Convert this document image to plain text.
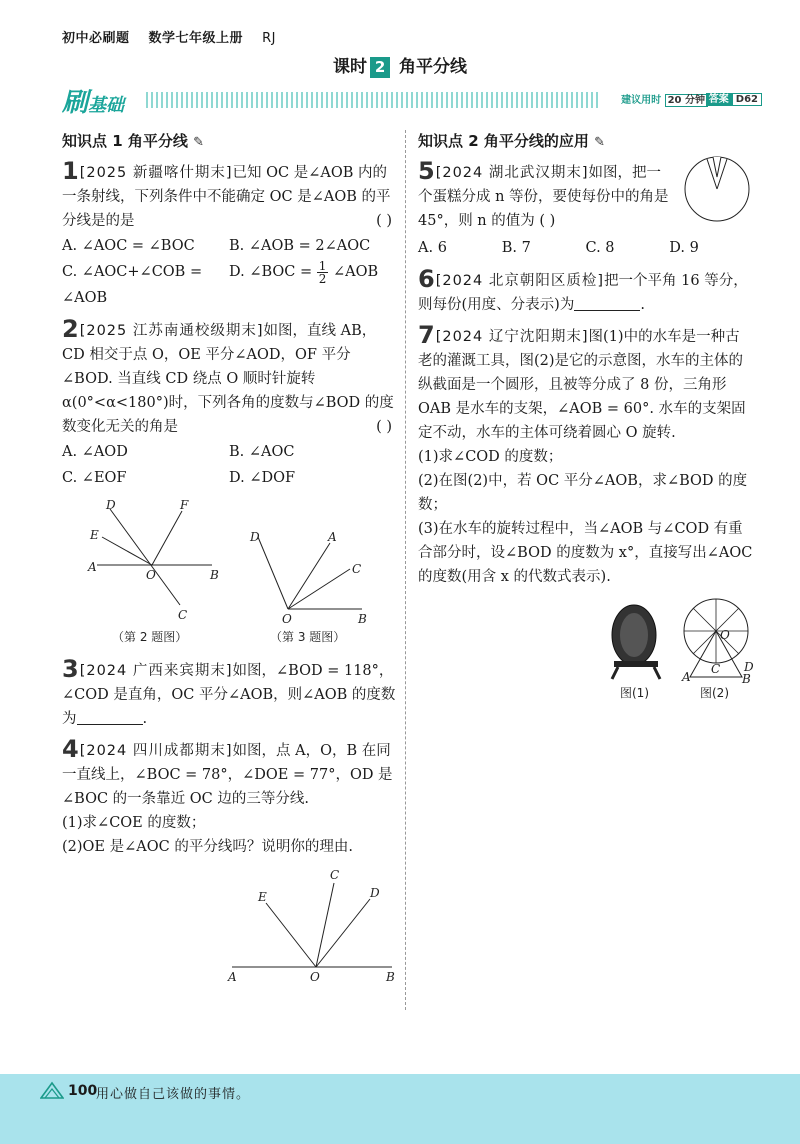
初中必刷题 数学七年级上册 RJ
课时 2 角平分线
刷基础	建议用时 20 分钟 答案 D62
知识点 1 角平分线 ✎
1[2025 新疆喀什期末]已知 OC 是∠AOB 内的一条射线，下列条件中不能确定 OC 是∠AOB 的平分线是的是	( )
A. ∠AOC = ∠BOC	B. ∠AOB = 2∠AOC
C. ∠AOC+∠COB = ∠AOB
D. ∠BOC = $\frac{1}{2}$ ∠AOB
2[2025 江苏南通校级期末]如图，直线 AB，CD 相交于点 O，OE 平分∠AOD，OF 平分∠BOD. 当直线 CD 绕点 O 顺时针旋转 α(0°<α<180°)时，下列各角的度数与∠BOD 的度数变化无关的角是	( )
A. ∠AOD	B. ∠AOC
C. ∠EOF	D. ∠DOF
D	F
E
A
O	B
C
（第 2 题图）
D	A
C
O	B
（第 3 题图）
3[2024 广西来宾期末]如图，∠BOD = 118°，∠COD 是直角，OC 平分∠AOB，则∠AOB 的度数为	.
4[2024 四川成都期末]如图，点 A，O，B 在同一直线上，∠BOC = 78°，∠DOE = 77°，OD 是∠BOC 的一条靠近 OC 边的三等分线.
(1)求∠COE 的度数；
(2)OE 是∠AOC 的平分线吗？说明你的理由.
E
C
D
A	O	B
知识点 2 角平分线的应用 ✎
5[2024 湖北武汉期末]如图，把一个蛋糕分成 n 等份，要使每份中的角是 45°，则 n 的值为 ( )
A. 6	B. 7	C. 8	D. 9
6[2024 北京朝阳区质检]把一个平角 16 等分，则每份(用度、分表示)为	.
7[2024 辽宁沈阳期末]图(1)中的水车是一种古老的灌溉工具，图(2)是它的示意图，水车的主体的纵截面是一个圆形，且被等分成了 8 份，三角形 OAB 是水车的支架，∠AOB = 60°. 水车的支架固定不动，水车的主体可绕着圆心 O 旋转.
(1)求∠COD 的度数；
(2)在图(2)中，若 OC 平分∠AOB，求∠BOD 的度数；
(3)在水车的旋转过程中，当∠AOB 与∠COD 有重合部分时，设∠BOD 的度数为 x°，直接写出∠AOC 的度数(用含 x 的代数式表示).
图(1)
O
A	B
C D
图(2)
100
用心做自己该做的事情。
